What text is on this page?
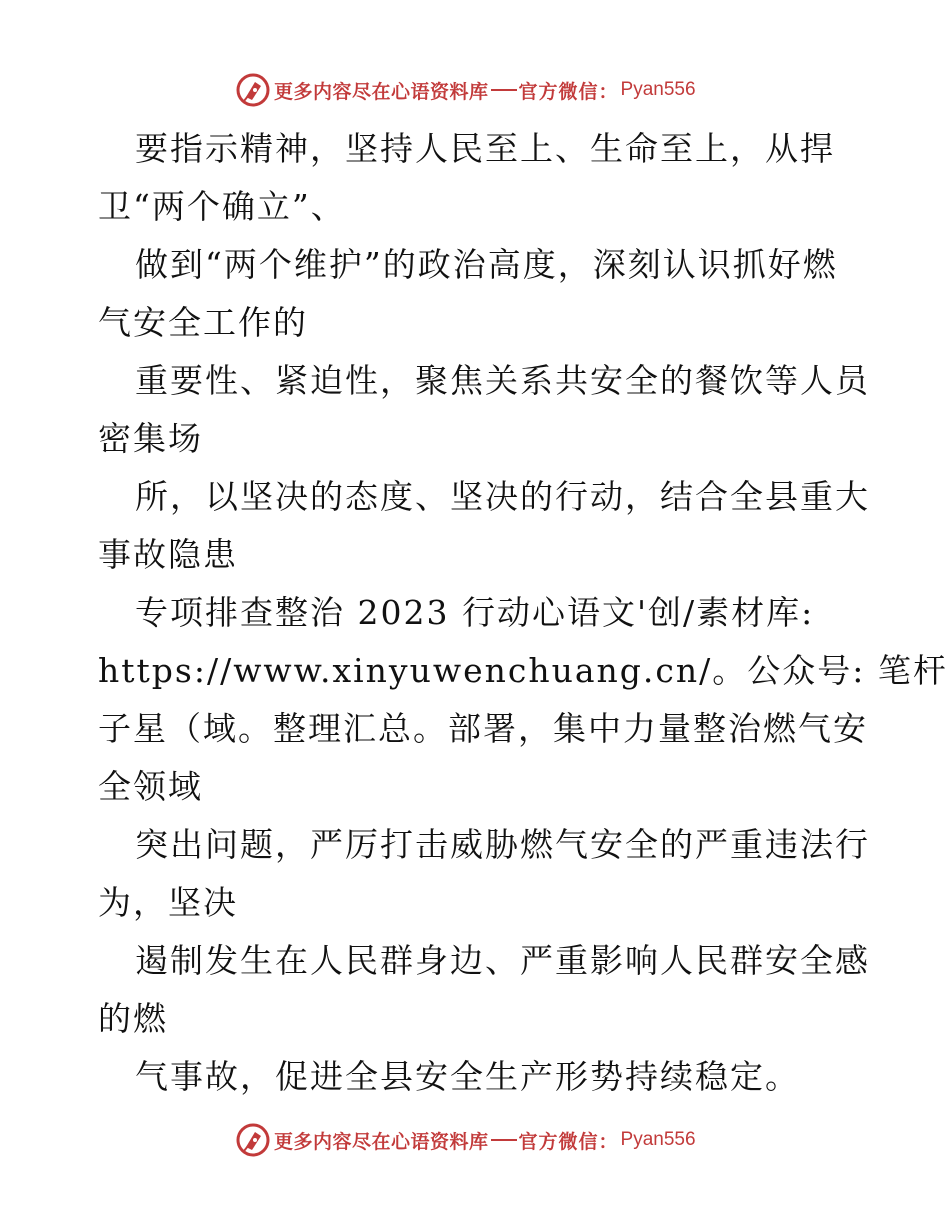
更多内容尽在心语资料库 官方微信： Pyan556
要指示精神，坚持人民至上、生命至上，从捍
卫“两个确立”、
做到“两个维护”的政治高度，深刻认识抓好燃
气安全工作的
重要性、紧迫性，聚焦关系共安全的餐饮等人员
密集场
所，以坚决的态度、坚决的行动，结合全县重大
事故隐患
专项排查整治 2023 行动心语文'创/素材库:
https://www.xinyuwenchuang.cn/。公众号: 笔杆
子星（域。整理汇总。部署，集中力量整治燃气安
全领域
突出问题，严厉打击威胁燃气安全的严重违法行
为，坚决
遏制发生在人民群身边、严重影响人民群安全感
的燃
气事故，促进全县安全生产形势持续稳定。
更多内容尽在心语资料库 官方微信： Pyan556
